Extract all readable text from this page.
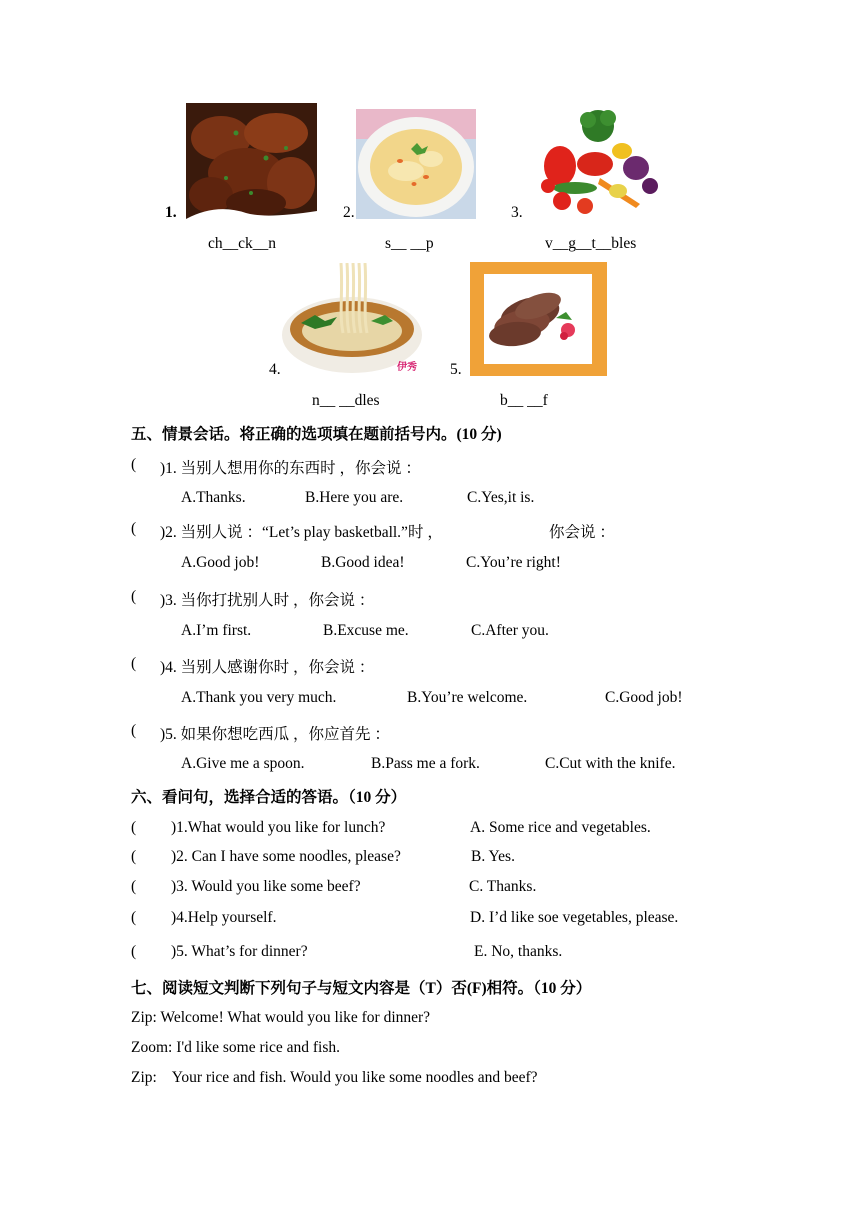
伊秀
1.	2.	3.
4.	5.
ch__ck__n	s__ __p	v__g__t__bles
n__ __dles	b__ __f
五、情景会话。将正确的选项填在题前括号内。(10 分)
( )1. 当别人想用你的东西时 ，你会说 ：
A.Thanks.	B.Here you are.	C.Yes,it is.
( )2. 当别人说 ：“Let’s play basketball.”时 ，	你会说 ：
A.Good job!	B.Good idea!	C.You’re right!
( )3. 当你打扰别人时 ，你会说 ：
A.I’m first.	B.Excuse me.	C.After you.
( )4. 当别人感谢你时 ，你会说 ：
A.Thank you very much.	B.You’re welcome.	C.Good job!
( )5. 如果你想吃西瓜 ，你应首先 ：
A.Give me a spoon.	B.Pass me a fork.	C.Cut with the knife.
六、看问句，选择合适的答语。（10 分）
( )1.What would you like for lunch?	A. Some rice and vegetables.
( )2. Can I have some noodles, please?	B. Yes.
( )3. Would you like some beef?	C. Thanks.
( )4.Help yourself.	D. I’d like soe vegetables, please.
( )5. What’s for dinner?	E. No, thanks.
七、阅读短文判断下列句子与短文内容是（T）否(F)相符。（10 分）
Zip: Welcome! What would you like for dinner?
Zoom: I'd like some rice and fish.
Zip:    Your rice and fish. Would you like some noodles and beef?
